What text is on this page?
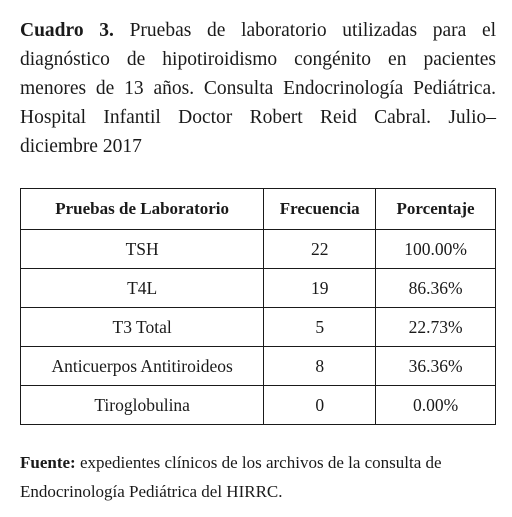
Cuadro 3. Pruebas de laboratorio utilizadas para el diagnóstico de hipotiroidismo congénito en pacientes menores de 13 años. Consulta Endocrinología Pediátrica. Hospital Infantil Doctor Robert Reid Cabral. Julio–diciembre 2017

Pruebas de Laboratorio	Frecuencia	Porcentaje
TSH	22	100.00%
T4L	19	86.36%
T3 Total	5	22.73%
Anticuerpos Antitiroideos	8	36.36%
Tiroglobulina	0	0.00%

Fuente: expedientes clínicos de los archivos de la consulta de Endocrinología Pediátrica del HIRRC.
